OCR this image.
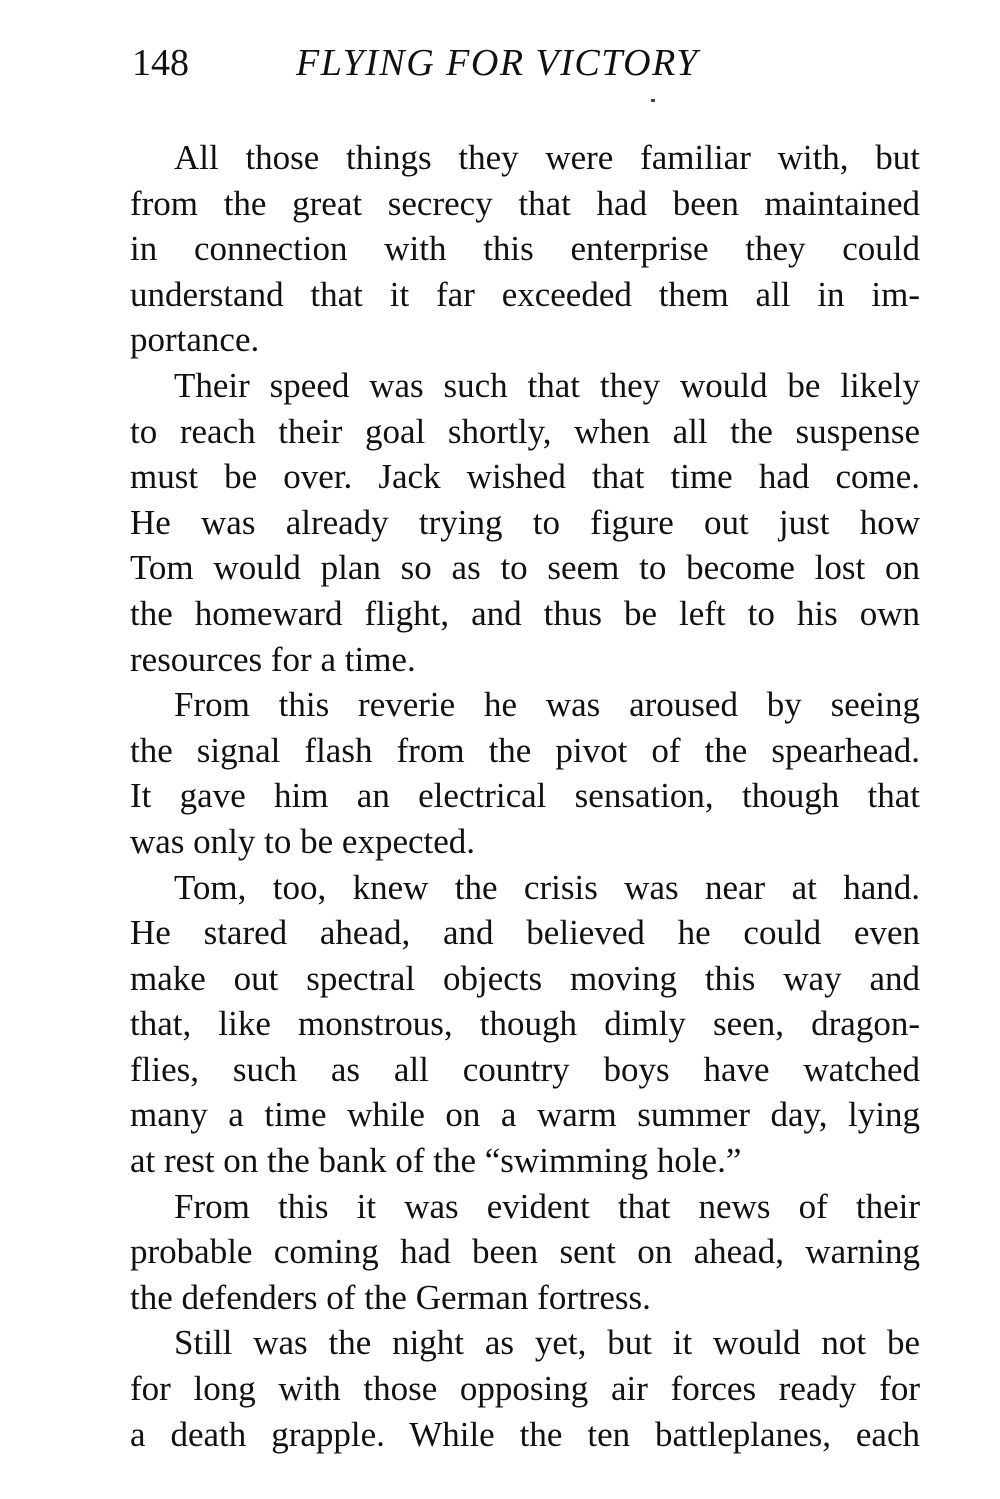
148	FLYING FOR VICTORY
All those things they were familiar with, but
from the great secrecy that had been maintained
in connection with this enterprise they could
understand that it far exceeded them all in im-
portance.
Their speed was such that they would be likely
to reach their goal shortly, when all the suspense
must be over. Jack wished that time had come.
He was already trying to figure out just how
Tom would plan so as to seem to become lost on
the homeward flight, and thus be left to his own
resources for a time.
From this reverie he was aroused by seeing
the signal flash from the pivot of the spearhead.
It gave him an electrical sensation, though that
was only to be expected.
Tom, too, knew the crisis was near at hand.
He stared ahead, and believed he could even
make out spectral objects moving this way and
that, like monstrous, though dimly seen, dragon-
flies, such as all country boys have watched
many a time while on a warm summer day, lying
at rest on the bank of the “swimming hole.”
From this it was evident that news of their
probable coming had been sent on ahead, warning
the defenders of the German fortress.
Still was the night as yet, but it would not be
for long with those opposing air forces ready for
a death grapple. While the ten battleplanes, each
